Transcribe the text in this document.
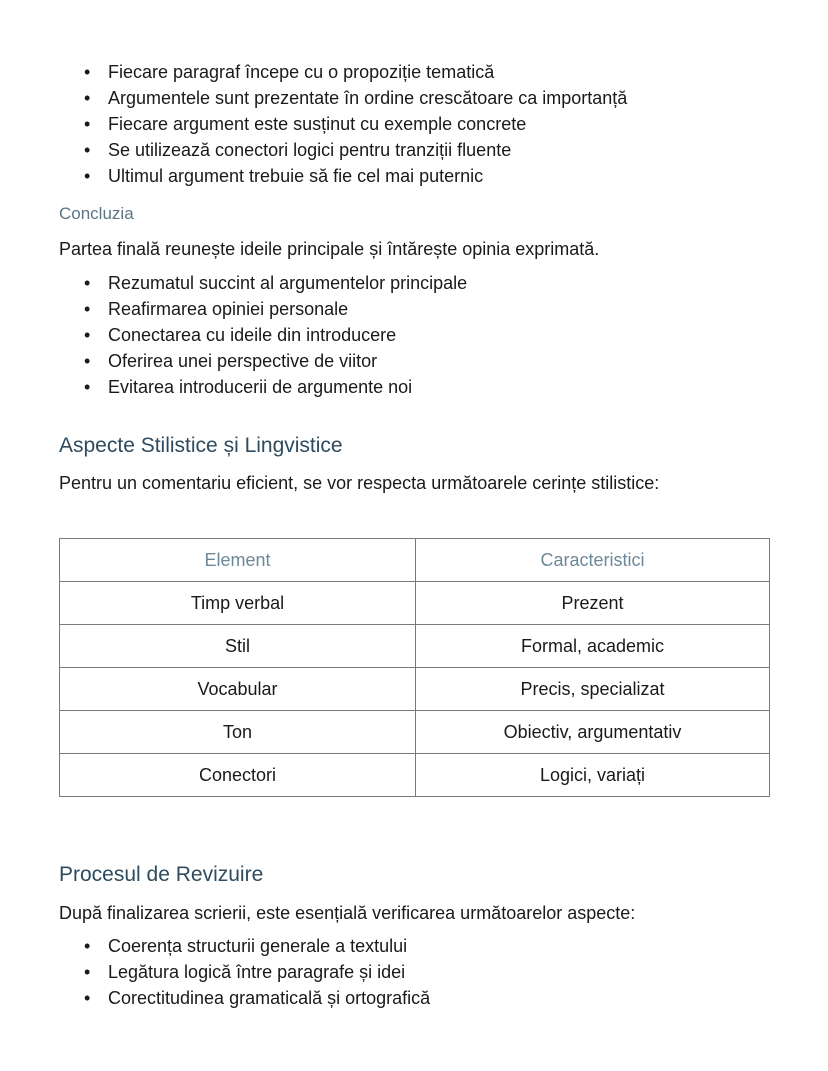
• Fiecare paragraf începe cu o propoziție tematică
• Argumentele sunt prezentate în ordine crescătoare ca importanță
• Fiecare argument este susținut cu exemple concrete
• Se utilizează conectori logici pentru tranziții fluente
• Ultimul argument trebuie să fie cel mai puternic
Concluzia
Partea finală reunește ideile principale și întărește opinia exprimată.
• Rezumatul succint al argumentelor principale
• Reafirmarea opiniei personale
• Conectarea cu ideile din introducere
• Oferirea unei perspective de viitor
• Evitarea introducerii de argumente noi
Aspecte Stilistice și Lingvistice
Pentru un comentariu eficient, se vor respecta următoarele cerințe stilistice:
Element	Caracteristici
Timp verbal	Prezent
Stil	Formal, academic
Vocabular	Precis, specializat
Ton	Obiectiv, argumentativ
Conectori	Logici, variați
Procesul de Revizuire
După finalizarea scrierii, este esențială verificarea următoarelor aspecte:
• Coerența structurii generale a textului
• Legătura logică între paragrafe și idei
• Corectitudinea gramaticală și ortografică
